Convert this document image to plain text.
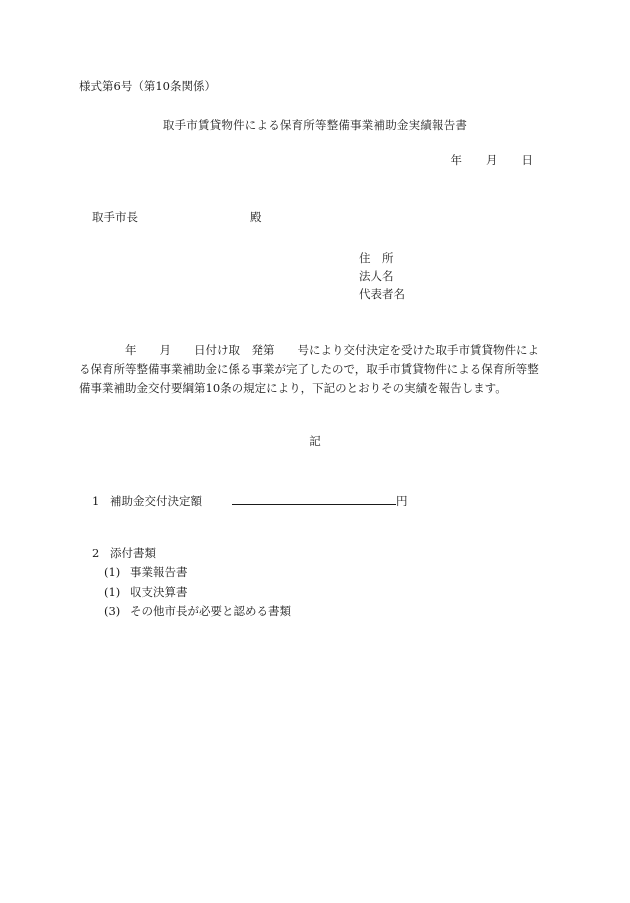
様式第6号（第10条関係）
取手市賃貸物件による保育所等整備事業補助金実績報告書
年 月 日
取手市長	殿
住　所
法人名
代表者名
　　　　年　　月　　日付け取　発第　　号により交付決定を受けた取手市賃貸物件によ
る保育所等整備事業補助金に係る事業が完了したので，取手市賃貸物件による保育所等整
備事業補助金交付要綱第10条の規定により，下記のとおりその実績を報告します。
記
1 補助金交付決定額	円
2 添付書類
(1) 事業報告書
(1) 収支決算書
(3) その他市長が必要と認める書類
